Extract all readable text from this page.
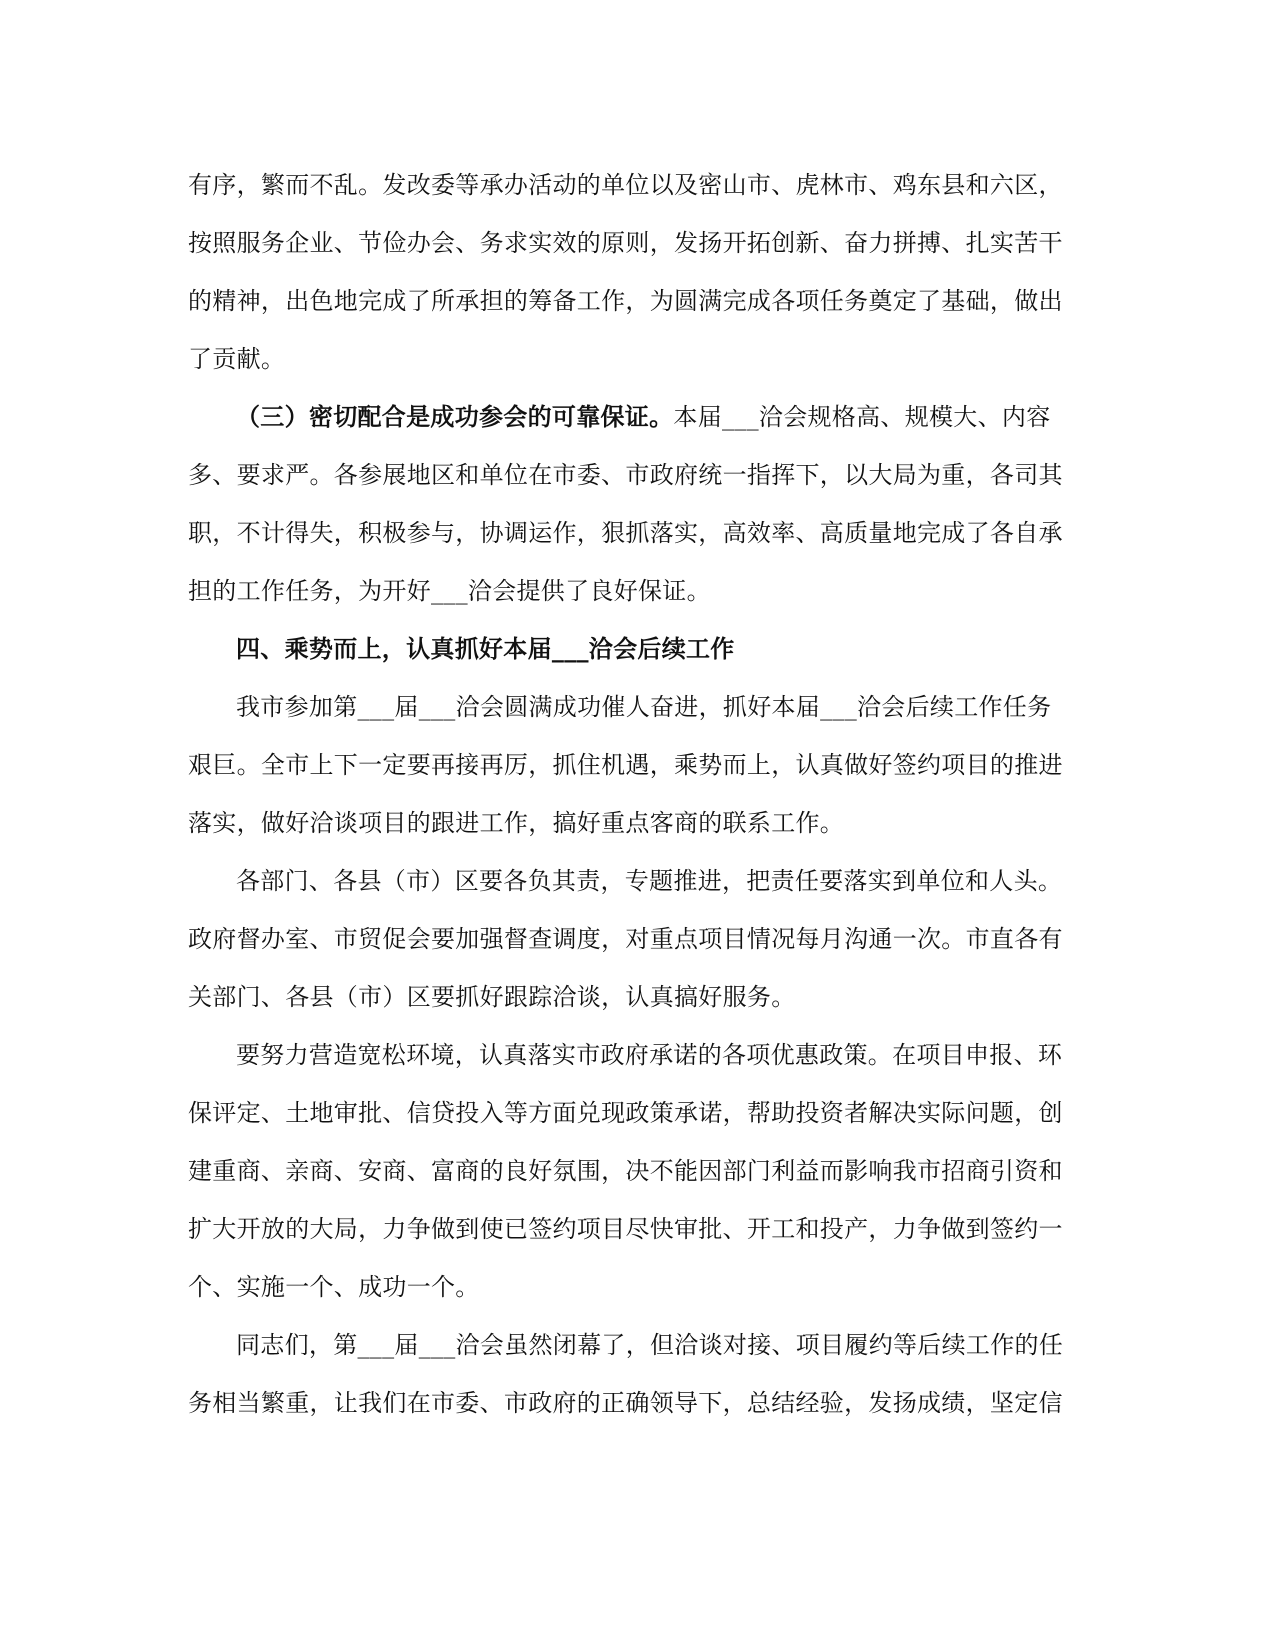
有序，繁而不乱。发改委等承办活动的单位以及密山市、虎林市、鸡东县和六区，
按照服务企业、节俭办会、务求实效的原则，发扬开拓创新、奋力拼搏、扎实苦干
的精神，出色地完成了所承担的筹备工作，为圆满完成各项任务奠定了基础，做出
了贡献。
（三）密切配合是成功参会的可靠保证。本届___洽会规格高、规模大、内容
多、要求严。各参展地区和单位在市委、市政府统一指挥下，以大局为重，各司其
职，不计得失，积极参与，协调运作，狠抓落实，高效率、高质量地完成了各自承
担的工作任务，为开好___洽会提供了良好保证。
四、乘势而上，认真抓好本届___洽会后续工作
我市参加第___届___洽会圆满成功催人奋进，抓好本届___洽会后续工作任务
艰巨。全市上下一定要再接再厉，抓住机遇，乘势而上，认真做好签约项目的推进
落实，做好洽谈项目的跟进工作，搞好重点客商的联系工作。
各部门、各县（市）区要各负其责，专题推进，把责任要落实到单位和人头。
政府督办室、市贸促会要加强督查调度，对重点项目情况每月沟通一次。市直各有
关部门、各县（市）区要抓好跟踪洽谈，认真搞好服务。
要努力营造宽松环境，认真落实市政府承诺的各项优惠政策。在项目申报、环
保评定、土地审批、信贷投入等方面兑现政策承诺，帮助投资者解决实际问题，创
建重商、亲商、安商、富商的良好氛围，决不能因部门利益而影响我市招商引资和
扩大开放的大局，力争做到使已签约项目尽快审批、开工和投产，力争做到签约一
个、实施一个、成功一个。
同志们，第___届___洽会虽然闭幕了，但洽谈对接、项目履约等后续工作的任
务相当繁重，让我们在市委、市政府的正确领导下，总结经验，发扬成绩，坚定信
